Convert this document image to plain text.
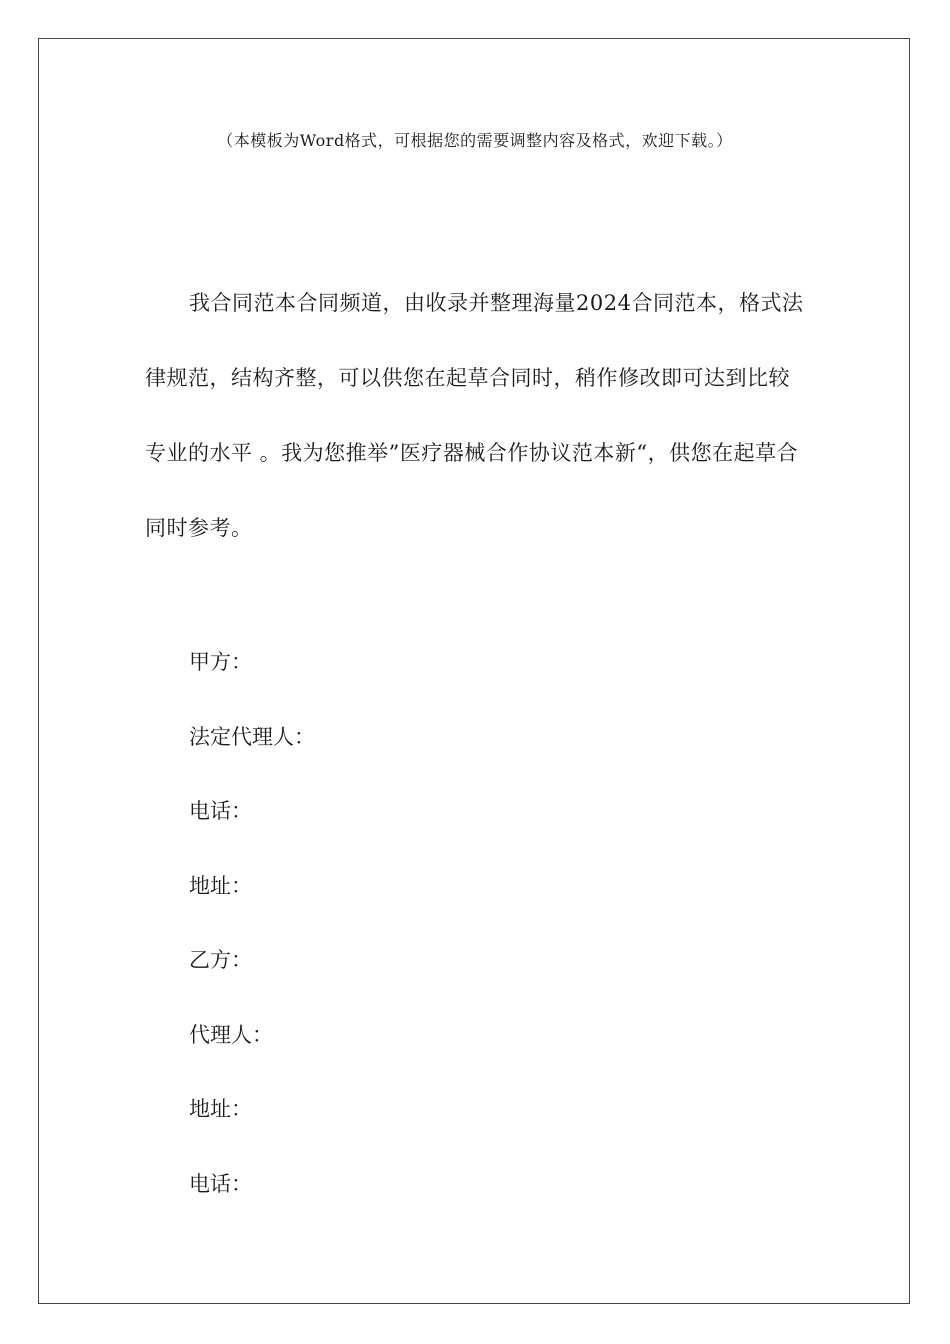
（本模板为Word格式，可根据您的需要调整内容及格式，欢迎下载。）

我合同范本合同频道，由收录并整理海量2024合同范本，格式法律规范，结构齐整，可以供您在起草合同时，稍作修改即可达到比较专业的水平 。我为您推举”医疗器械合作协议范本新“，供您在起草合同时参考。

甲方：
法定代理人：
电话：
地址：
乙方：
代理人：
地址：
电话：
